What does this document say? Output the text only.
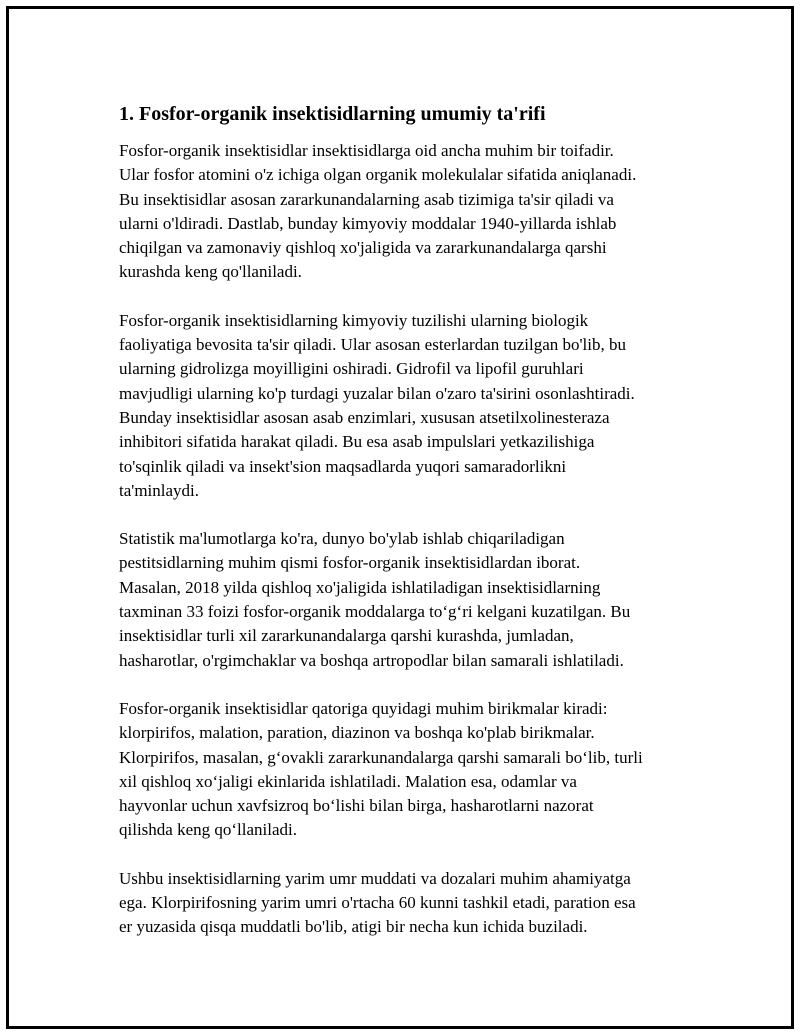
1. Fosfor-organik insektisidlarning umumiy ta'rifi
Fosfor-organik insektisidlar insektisidlarga oid ancha muhim bir toifadir.
Ular fosfor atomini o'z ichiga olgan organik molekulalar sifatida aniqlanadi.
Bu insektisidlar asosan zararkunandalarning asab tizimiga ta'sir qiladi va
ularni o'ldiradi. Dastlab, bunday kimyoviy moddalar 1940-yillarda ishlab
chiqilgan va zamonaviy qishloq xo'jaligida va zararkunandalarga qarshi
kurashda keng qo'llaniladi.
Fosfor-organik insektisidlarning kimyoviy tuzilishi ularning biologik
faoliyatiga bevosita ta'sir qiladi. Ular asosan esterlardan tuzilgan bo'lib, bu
ularning gidrolizga moyilligini oshiradi. Gidrofil va lipofil guruhlari
mavjudligi ularning ko'p turdagi yuzalar bilan o'zaro ta'sirini osonlashtiradi.
Bunday insektisidlar asosan asab enzimlari, xususan atsetilxolinesteraza
inhibitori sifatida harakat qiladi. Bu esa asab impulslari yetkazilishiga
to'sqinlik qiladi va insekt'sion maqsadlarda yuqori samaradorlikni
ta'minlaydi.
Statistik ma'lumotlarga ko'ra, dunyo bo'ylab ishlab chiqariladigan
pestitsidlarning muhim qismi fosfor-organik insektisidlardan iborat.
Masalan, 2018 yilda qishloq xo'jaligida ishlatiladigan insektisidlarning
taxminan 33 foizi fosfor-organik moddalarga to‘g‘ri kelgani kuzatilgan. Bu
insektisidlar turli xil zararkunandalarga qarshi kurashda, jumladan,
hasharotlar, o'rgimchaklar va boshqa artropodlar bilan samarali ishlatiladi.
Fosfor-organik insektisidlar qatoriga quyidagi muhim birikmalar kiradi:
klorpirifos, malation, paration, diazinon va boshqa ko'plab birikmalar.
Klorpirifos, masalan, g‘ovakli zararkunandalarga qarshi samarali bo‘lib, turli
xil qishloq xo‘jaligi ekinlarida ishlatiladi. Malation esa, odamlar va
hayvonlar uchun xavfsizroq bo‘lishi bilan birga, hasharotlarni nazorat
qilishda keng qo‘llaniladi.
Ushbu insektisidlarning yarim umr muddati va dozalari muhim ahamiyatga
ega. Klorpirifosning yarim umri o'rtacha 60 kunni tashkil etadi, paration esa
er yuzasida qisqa muddatli bo'lib, atigi bir necha kun ichida buziladi.
